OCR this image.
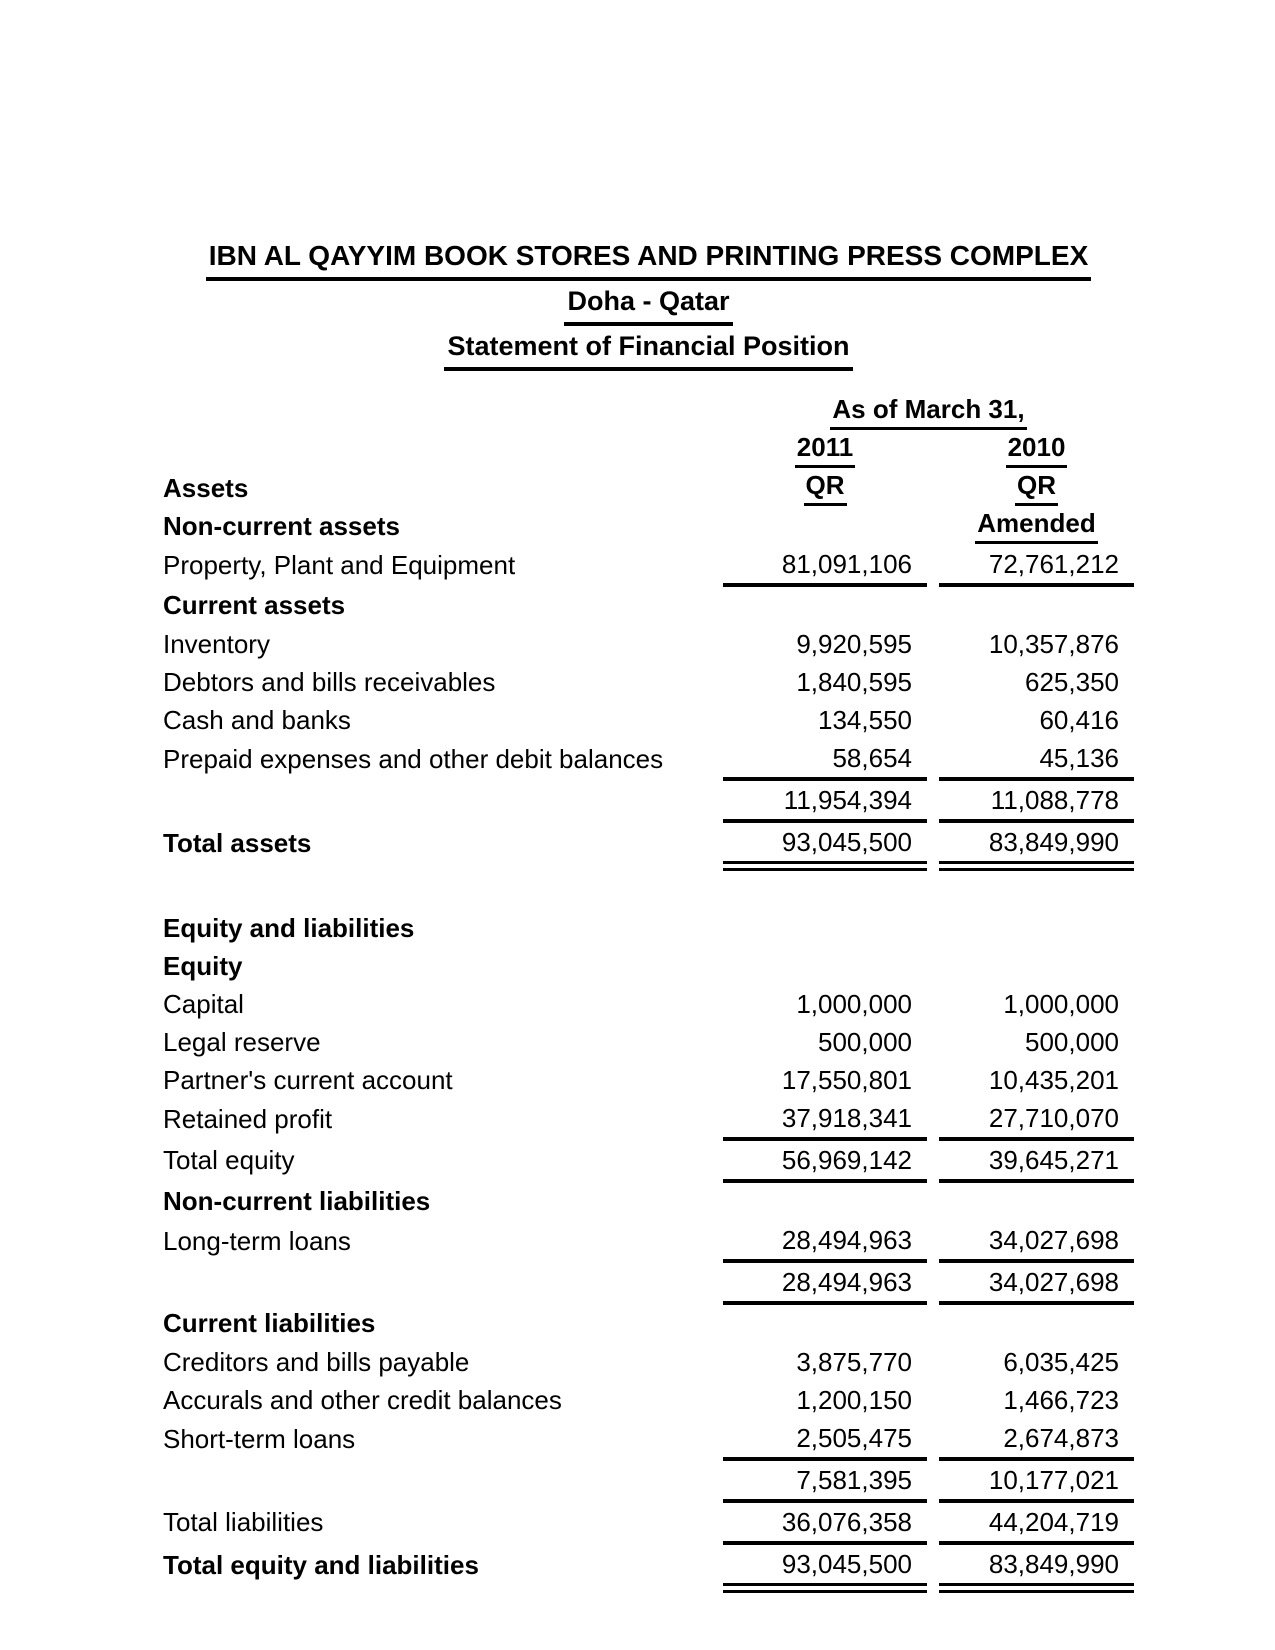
IBN AL QAYYIM BOOK STORES AND PRINTING PRESS COMPLEX
Doha - Qatar
Statement of Financial Position
	As of March 31,		
	2011		2010
Assets	QR		QR
Non-current assets			Amended
Property, Plant and Equipment	81,091,106		72,761,212
Current assets			
Inventory	9,920,595		10,357,876
Debtors and bills receivables	1,840,595		625,350
Cash and banks	134,550		60,416
Prepaid expenses and other debit balances	58,654		45,136
	11,954,394		11,088,778
Total assets	93,045,500		83,849,990

Equity and liabilities			
Equity			
Capital	1,000,000		1,000,000
Legal reserve	500,000		500,000
Partner's current account	17,550,801		10,435,201
Retained profit	37,918,341		27,710,070
Total equity	56,969,142		39,645,271
Non-current liabilities			
Long-term loans	28,494,963		34,027,698
	28,494,963		34,027,698
Current liabilities			
Creditors and bills payable	3,875,770		6,035,425
Accurals and other credit balances	1,200,150		1,466,723
Short-term loans	2,505,475		2,674,873
	7,581,395		10,177,021
Total liabilities	36,076,358		44,204,719
Total equity and liabilities	93,045,500		83,849,990
